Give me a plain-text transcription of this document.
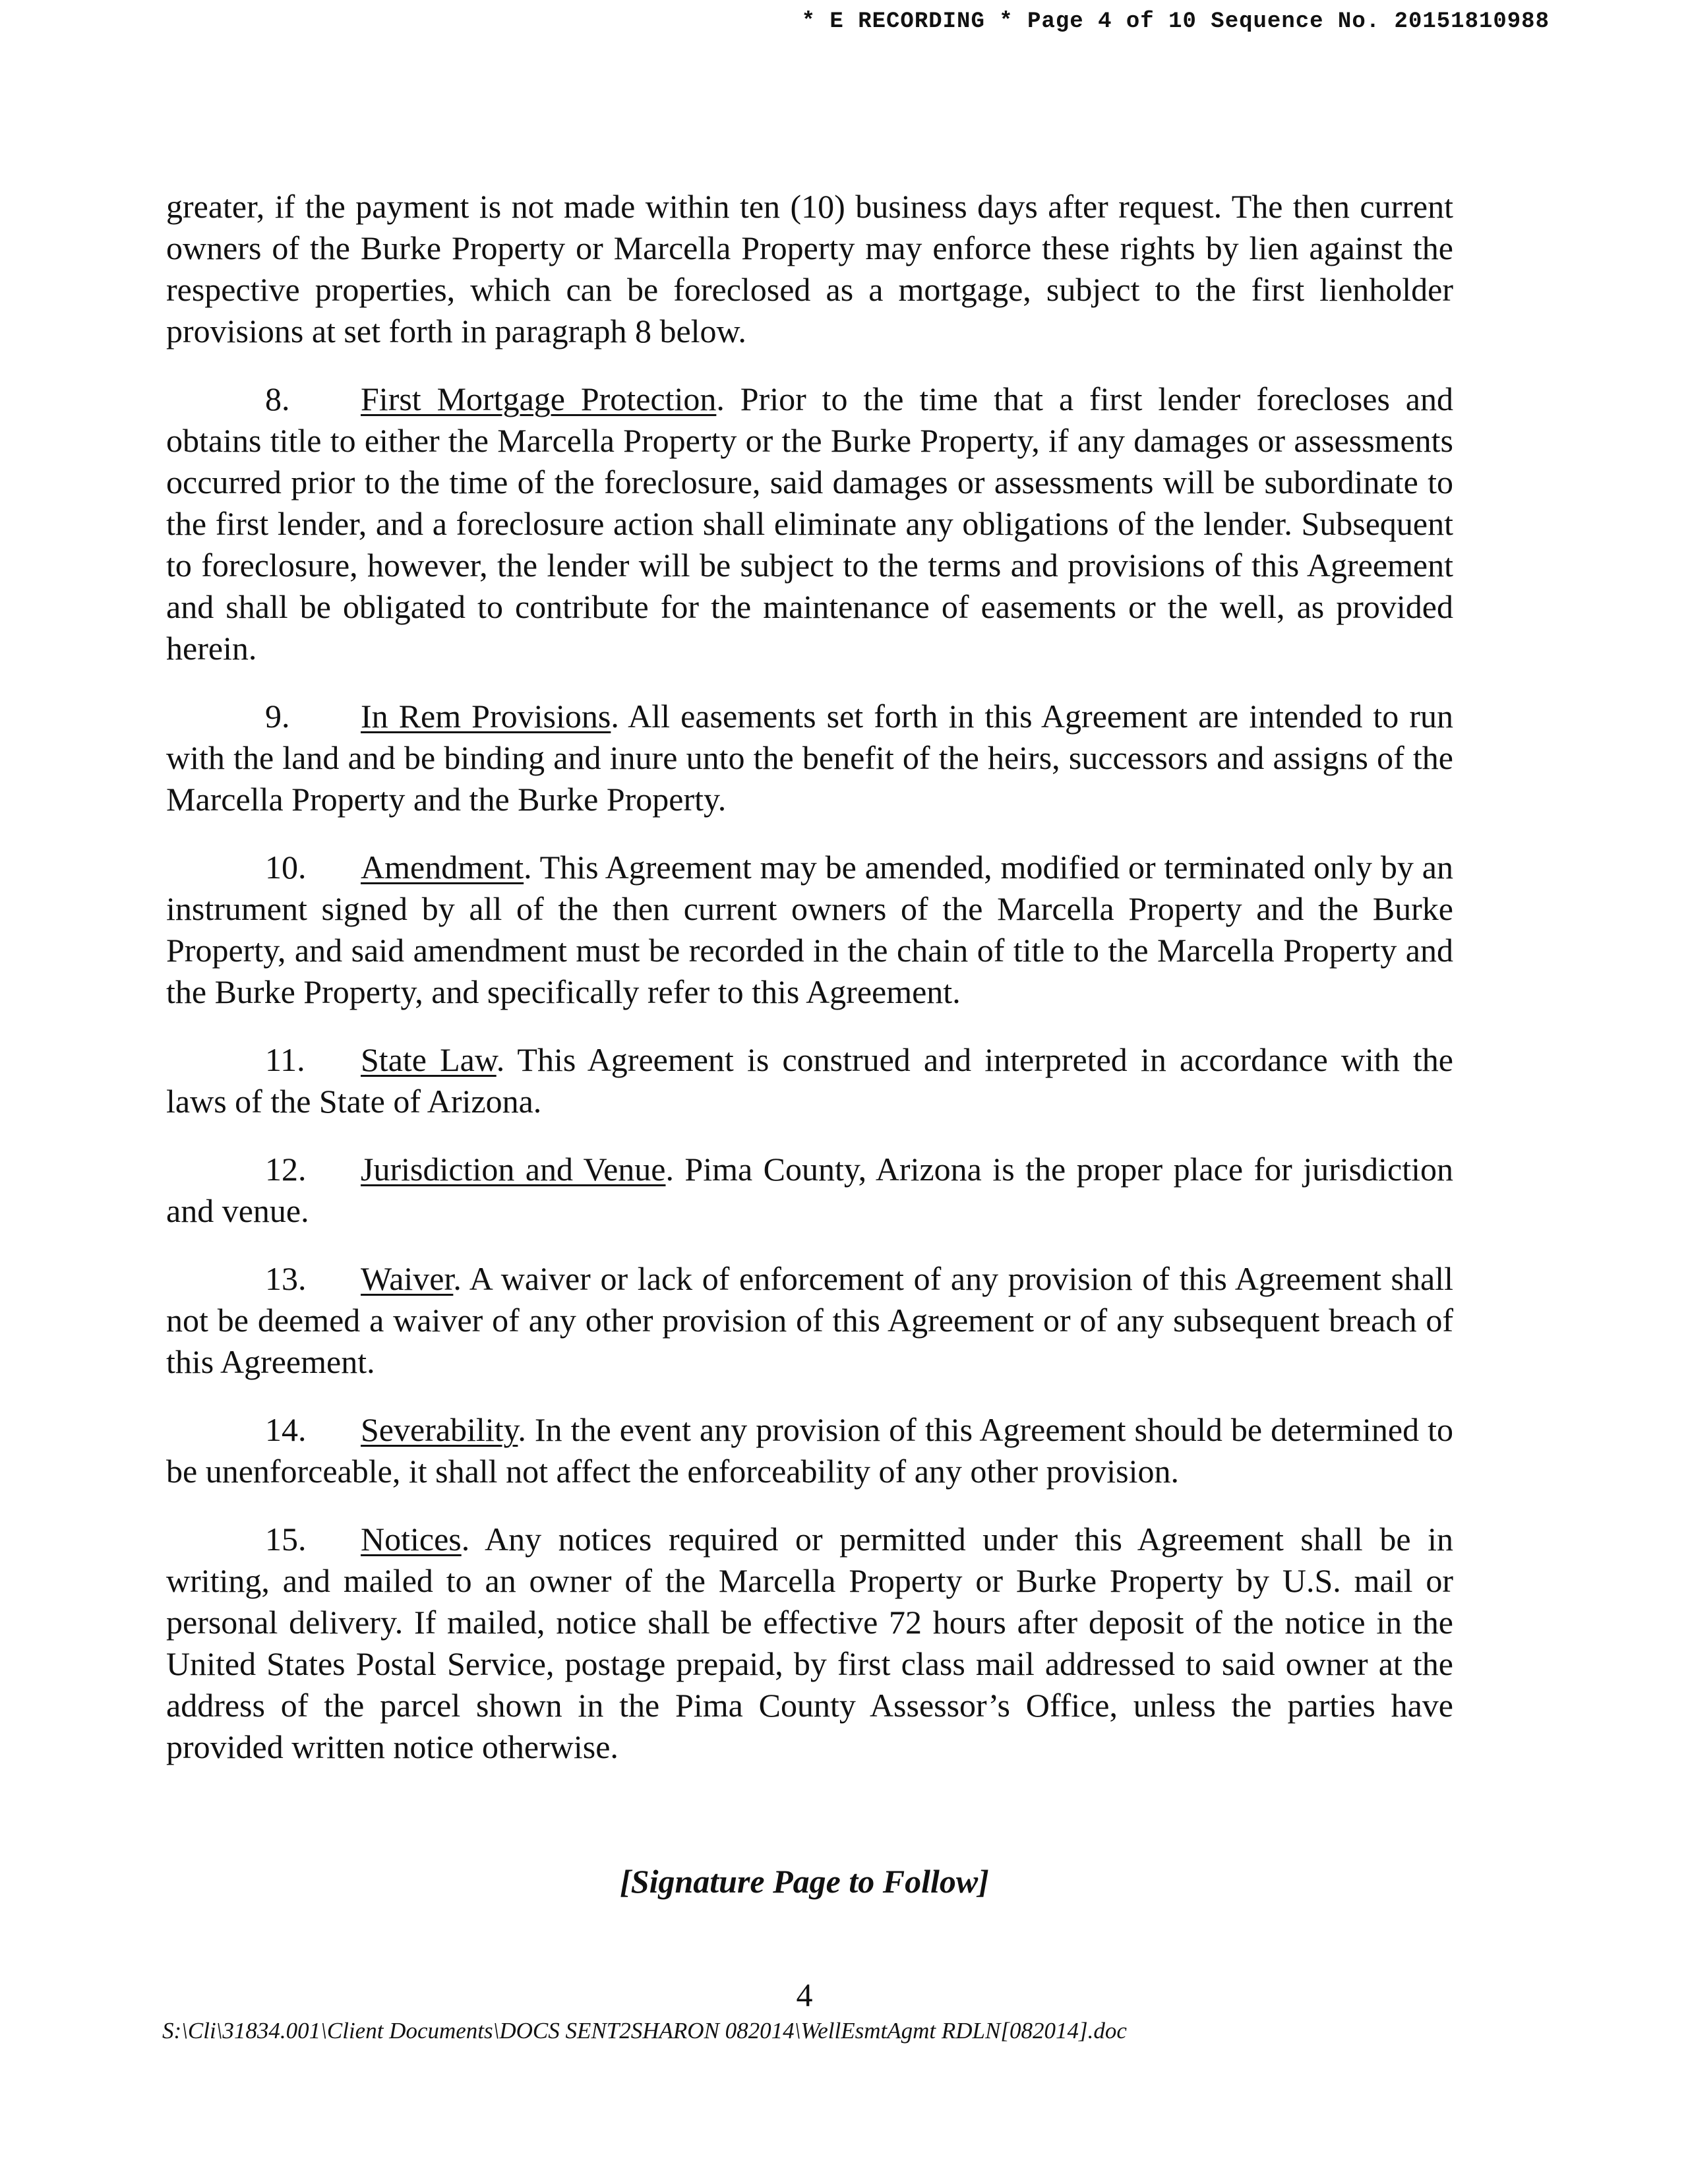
* E RECORDING * Page 4 of 10 Sequence No. 20151810988

greater, if the payment is not made within ten (10) business days after request. The then current owners of the Burke Property or Marcella Property may enforce these rights by lien against the respective properties, which can be foreclosed as a mortgage, subject to the first lienholder provisions at set forth in paragraph 8 below.

8. First Mortgage Protection. Prior to the time that a first lender forecloses and obtains title to either the Marcella Property or the Burke Property, if any damages or assessments occurred prior to the time of the foreclosure, said damages or assessments will be subordinate to the first lender, and a foreclosure action shall eliminate any obligations of the lender. Subsequent to foreclosure, however, the lender will be subject to the terms and provisions of this Agreement and shall be obligated to contribute for the maintenance of easements or the well, as provided herein.

9. In Rem Provisions. All easements set forth in this Agreement are intended to run with the land and be binding and inure unto the benefit of the heirs, successors and assigns of the Marcella Property and the Burke Property.

10. Amendment. This Agreement may be amended, modified or terminated only by an instrument signed by all of the then current owners of the Marcella Property and the Burke Property, and said amendment must be recorded in the chain of title to the Marcella Property and the Burke Property, and specifically refer to this Agreement.

11. State Law. This Agreement is construed and interpreted in accordance with the laws of the State of Arizona.

12. Jurisdiction and Venue. Pima County, Arizona is the proper place for jurisdiction and venue.

13. Waiver. A waiver or lack of enforcement of any provision of this Agreement shall not be deemed a waiver of any other provision of this Agreement or of any subsequent breach of this Agreement.

14. Severability. In the event any provision of this Agreement should be determined to be unenforceable, it shall not affect the enforceability of any other provision.

15. Notices. Any notices required or permitted under this Agreement shall be in writing, and mailed to an owner of the Marcella Property or Burke Property by U.S. mail or personal delivery. If mailed, notice shall be effective 72 hours after deposit of the notice in the United States Postal Service, postage prepaid, by first class mail addressed to said owner at the address of the parcel shown in the Pima County Assessor’s Office, unless the parties have provided written notice otherwise.

[Signature Page to Follow]
4
S:\Cli\31834.001\Client Documents\DOCS SENT2SHARON 082014\WellEsmtAgmt RDLN[082014].doc
